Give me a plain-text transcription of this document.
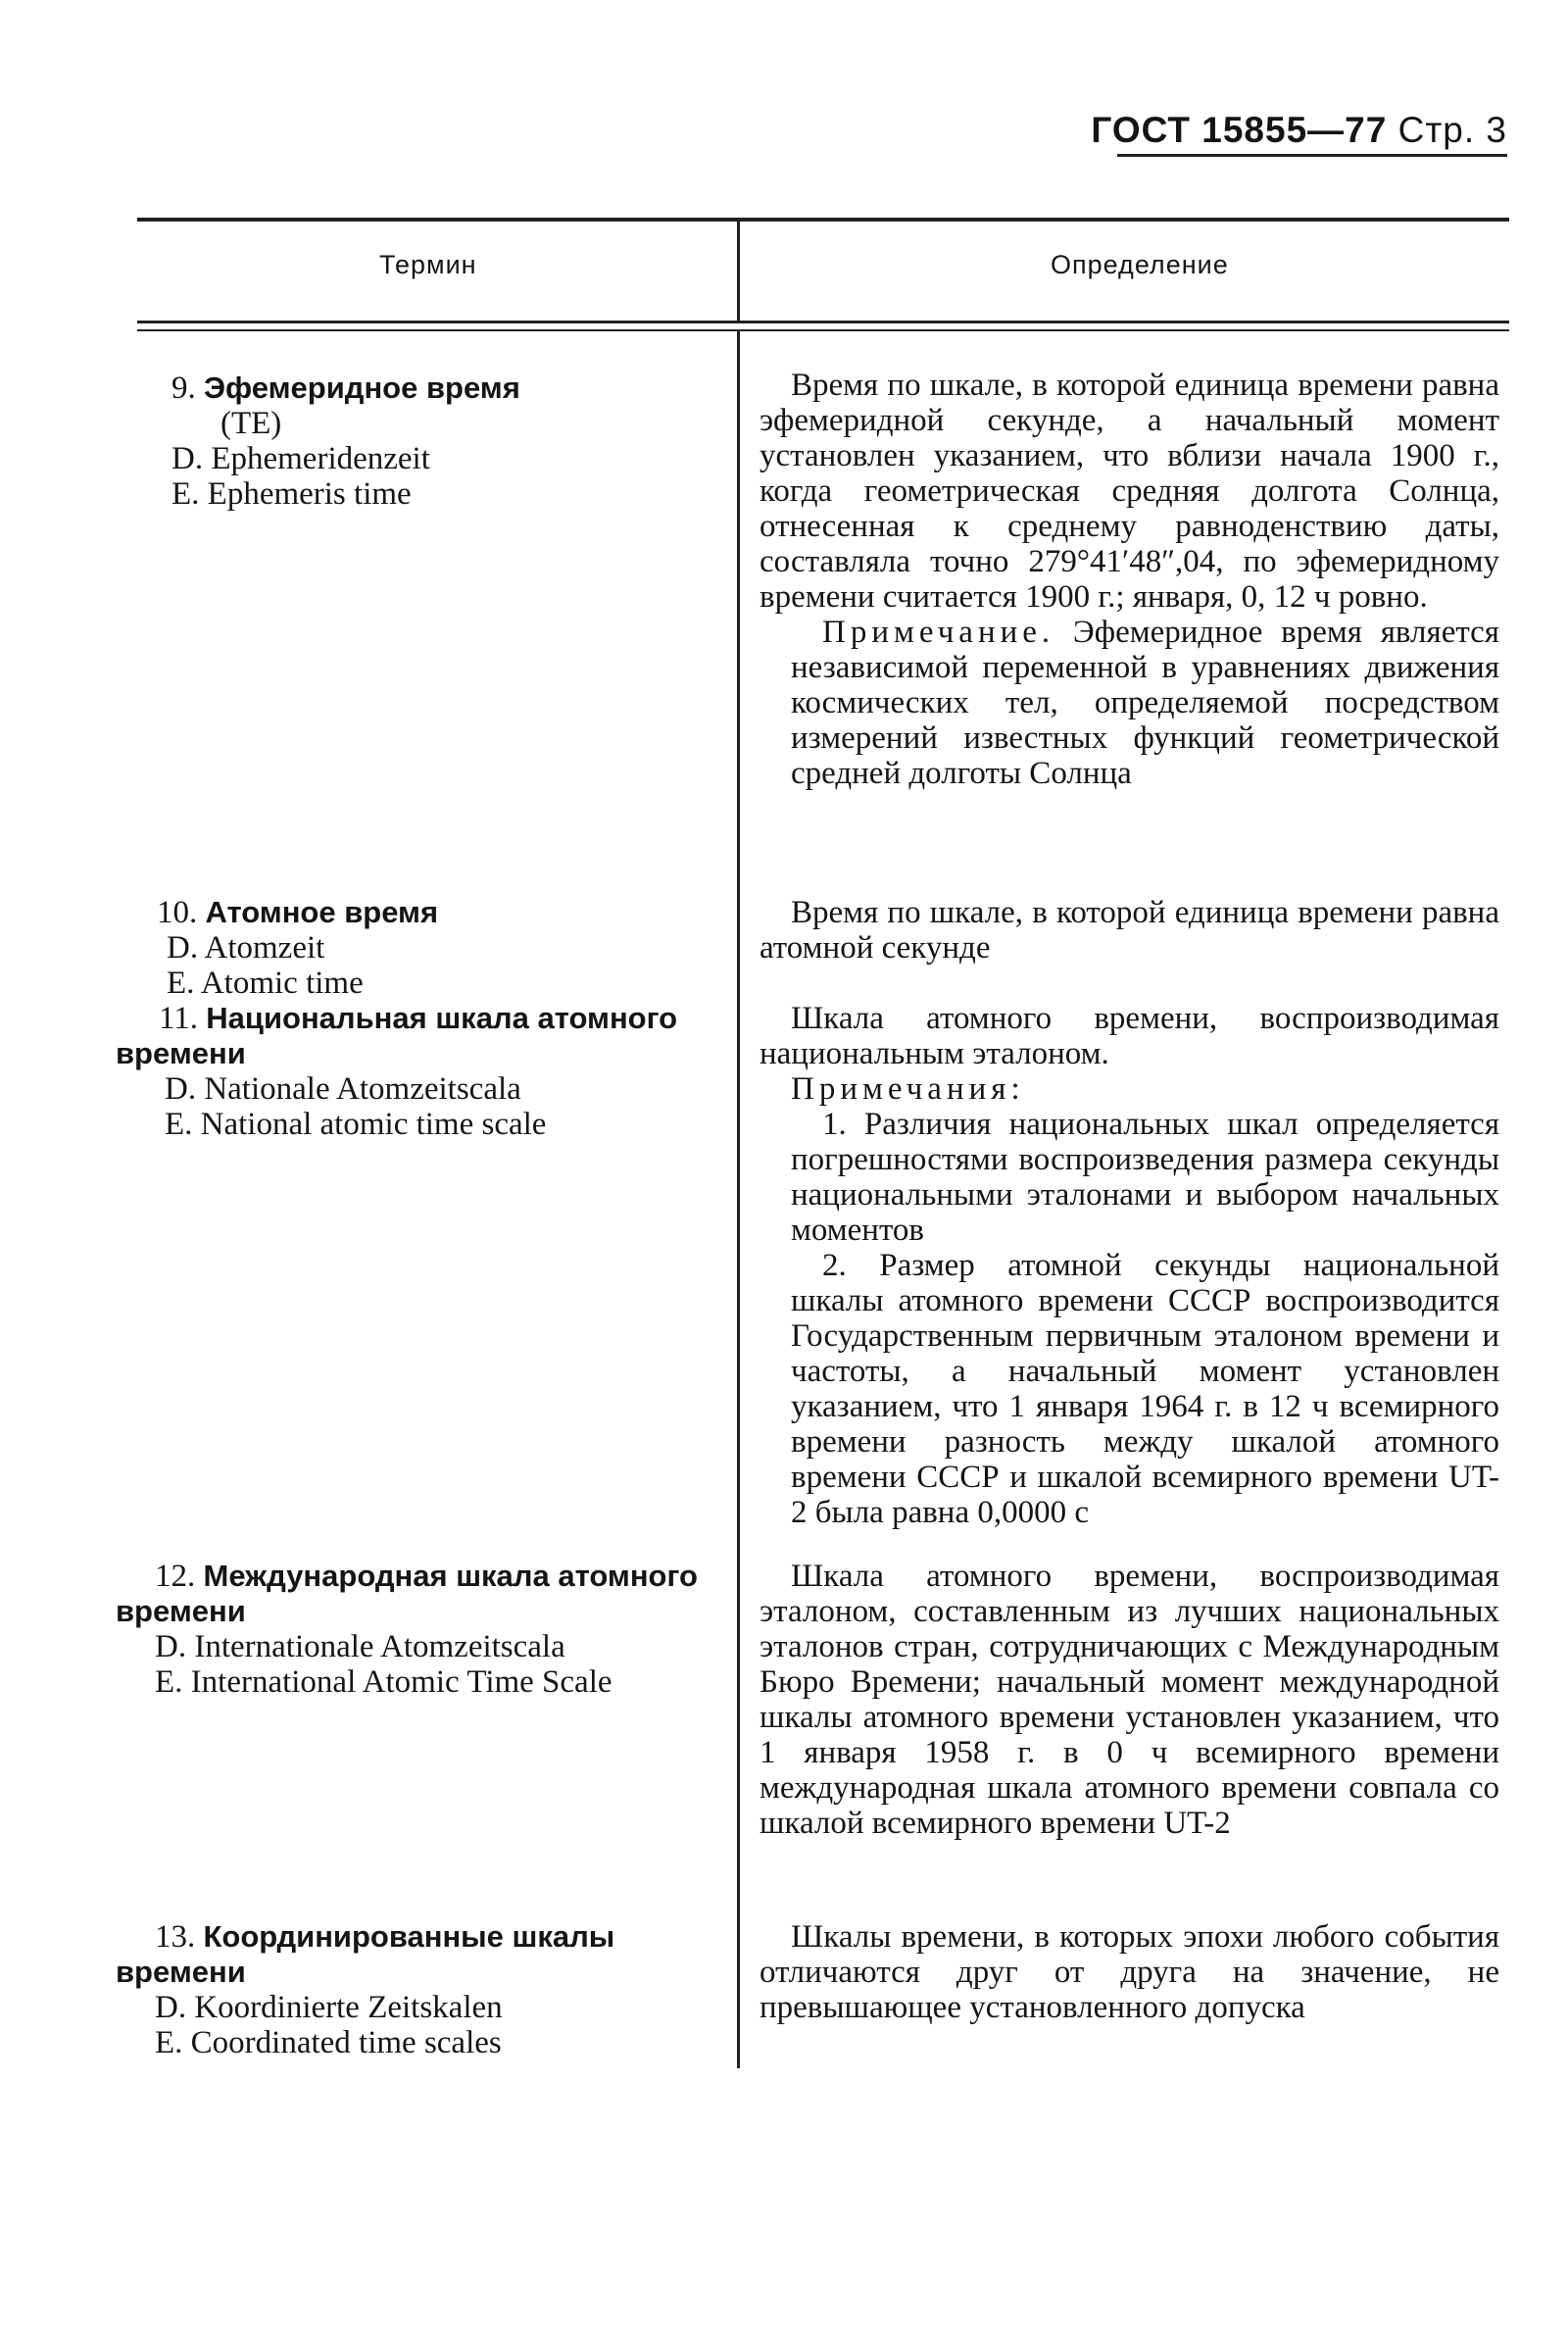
ГОСТ 15855—77 Стр. 3
Термин	Определение
9. Эфемеридное время
(ТЕ)
D. Ephemeridenzeit
E. Ephemeris time
Время по шкале, в которой единица времени равна эфемеридной секунде, а начальный момент установлен указанием, что вблизи начала 1900 г., когда геометрическая средняя долгота Солнца, отнесенная к среднему равноденствию даты, составляла точно 279°41′48″,04, по эфемеридному времени считается 1900 г.; января, 0, 12 ч ровно.
Примечание. Эфемеридное время является независимой переменной в уравнениях движения космических тел, определяемой посредством измерений известных функций геометрической средней долготы Солнца
10. Атомное время
D. Atomzeit
E. Atomic time
Время по шкале, в которой единица времени равна атомной секунде
11. Национальная шкала атомного времени
D. Nationale Atomzeitscala
E. National atomic time scale
Шкала атомного времени, воспроизводимая национальным эталоном.
Примечания:
1. Различия национальных шкал определяется погрешностями воспроизведения размера секунды национальными эталонами и выбором начальных моментов
2. Размер атомной секунды национальной шкалы атомного времени СССР воспроизводится Государственным первичным эталоном времени и частоты, а начальный момент установлен указанием, что 1 января 1964 г. в 12 ч всемирного времени разность между шкалой атомного времени СССР и шкалой всемирного времени UT-2 была равна 0,0000 с
12. Международная шкала атомного времени
D. Internationale Atomzeitscala
E. International Atomic Time Scale
Шкала атомного времени, воспроизводимая эталоном, составленным из лучших национальных эталонов стран, сотрудничающих с Международным Бюро Времени; начальный момент международной шкалы атомного времени установлен указанием, что 1 января 1958 г. в 0 ч всемирного времени международная шкала атомного времени совпала со шкалой всемирного времени UT-2
13. Координированные шкалы времени
D. Koordinierte Zeitskalen
E. Coordinated time scales
Шкалы времени, в которых эпохи любого события отличаются друг от друга на значение, не превышающее установленного допуска
